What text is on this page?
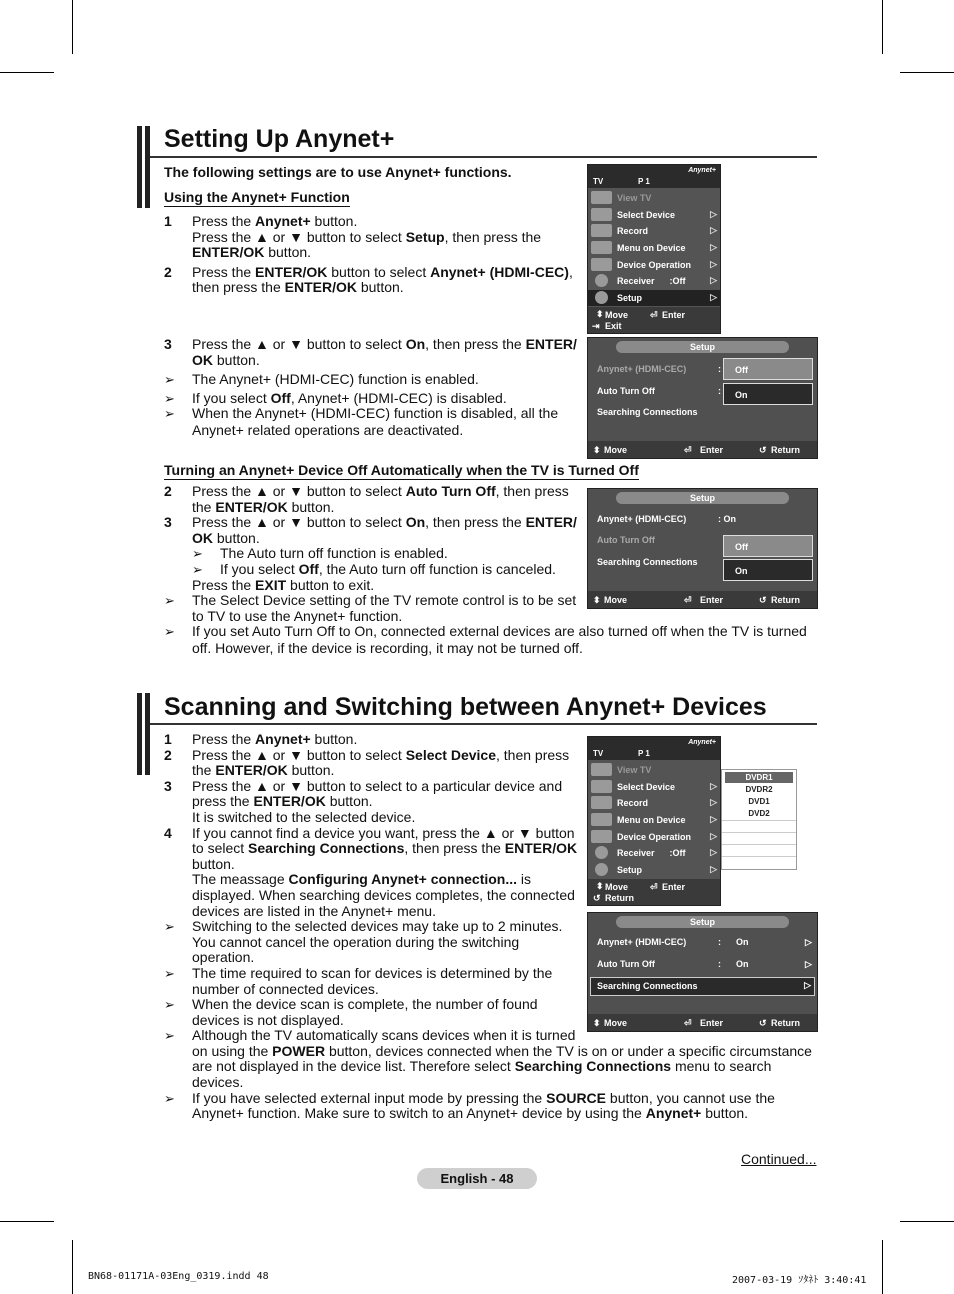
Setting Up Anynet+
The following settings are to use Anynet+ functions.
Using the Anynet+ Function
1 Press the Anynet+ button.
Press the ▲ or ▼ button to select Setup, then press the
ENTER/OK button.
2 Press the ENTER/OK button to select Anynet+ (HDMI-CEC),
then press the ENTER/OK button.
3 Press the ▲ or ▼ button to select On, then press the ENTER/
OK button.
➢ The Anynet+ (HDMI-CEC) function is enabled.
➢ If you select Off, Anynet+ (HDMI-CEC) is disabled.
➢ When the Anynet+ (HDMI-CEC) function is disabled, all the
Anynet+ related operations are deactivated.
TV	P 1
Anynet+
View TV
Select Device	▷
Record	▷
Menu on Device	▷
Device Operation ▷
Receiver :Off	▷
Setup	▷
⬍ Move ⏎ Enter
⇥ Exit
Setup
Anynet+ (HDMI-CEC)	:
Auto Turn Off	:
Searching Connections
Off
On
⬍ Move	⏎ Enter	↺ Return
Turning an Anynet+ Device Off Automatically when the TV is Turned Off
2 Press the ▲ or ▼ button to select Auto Turn Off, then press
the ENTER/OK button.
3 Press the ▲ or ▼ button to select On, then press the ENTER/
OK button.
➢ The Auto turn off function is enabled.
➢ If you select Off, the Auto turn off function is canceled.
Press the EXIT button to exit.
➢ The Select Device setting of the TV remote control is to be set
to TV to use the Anynet+ function.
➢ If you set Auto Turn Off to On, connected external devices are also turned off when the TV is turned
off. However, if the device is recording, it may not be turned off.
Setup
Anynet+ (HDMI-CEC)	: On
Auto Turn Off
Searching Connections
Off
On
⬍ Move	⏎ Enter	↺ Return
Scanning and Switching between Anynet+ Devices
1 Press the Anynet+ button.
2 Press the ▲ or ▼ button to select Select Device, then press
the ENTER/OK button.
3 Press the ▲ or ▼ button to select to a particular device and
press the ENTER/OK button.
It is switched to the selected device.
4 If you cannot find a device you want, press the ▲ or ▼ button
to select Searching Connections, then press the ENTER/OK
button.
The meassage Configuring Anynet+ connection... is
displayed. When searching devices completes, the connected
devices are listed in the Anynet+ menu.
➢ Switching to the selected devices may take up to 2 minutes.
You cannot cancel the operation during the switching
operation.
➢ The time required to scan for devices is determined by the
number of connected devices.
➢ When the device scan is complete, the number of found
devices is not displayed.
➢ Although the TV automatically scans devices when it is turned
on using the POWER button, devices connected when the TV is on or under a specific circumstance
are not displayed in the device list. Therefore select Searching Connections menu to search
devices.
➢ If you have selected external input mode by pressing the SOURCE button, you cannot use the
Anynet+ function. Make sure to switch to an Anynet+ device by using the Anynet+ button.
TV	P 1
Anynet+
View TV
Select Device	▷
Record	▷
Menu on Device	▷
Device Operation ▷
Receiver :Off	▷
Setup	▷
⬍ Move ⏎ Enter
↺ Return
DVDR1
DVDR2
DVD1
DVD2
Setup
Anynet+ (HDMI-CEC)	: On	▷
Auto Turn Off	: On	▷
Searching Connections	▷
⬍ Move	⏎ Enter	↺ Return
Continued...
English - 48
BN68-01171A-03Eng_0319.indd 48	2007-03-19 ｿﾀﾈﾄ 3:40:41
